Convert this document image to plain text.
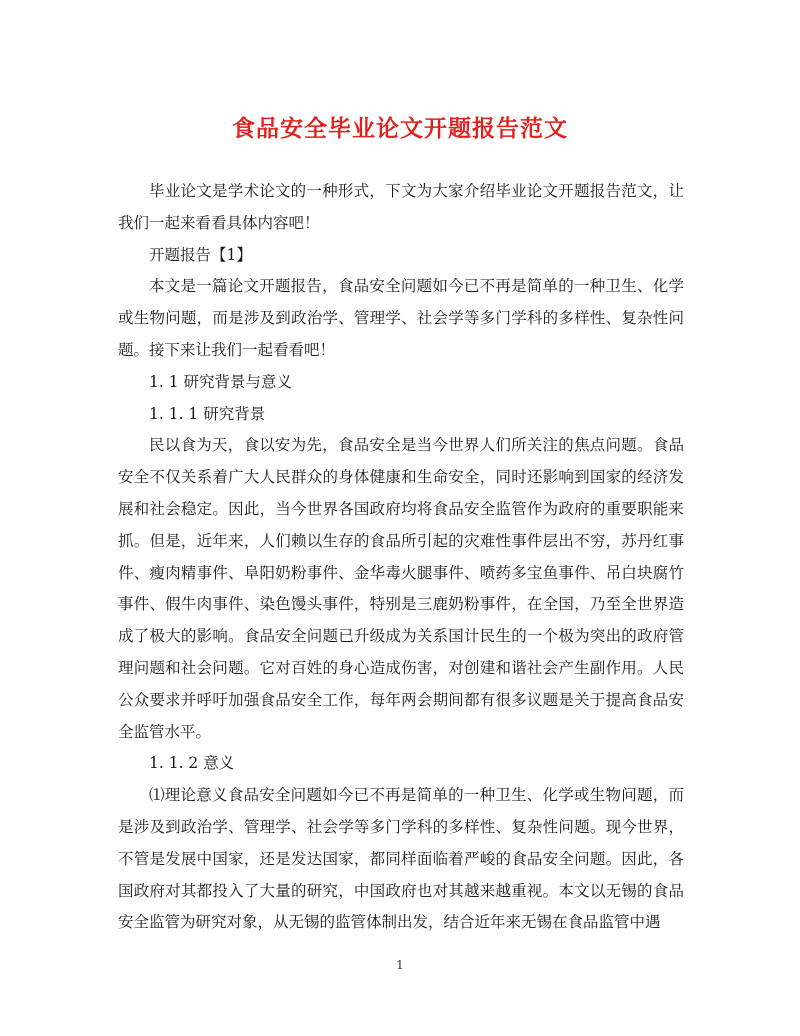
食品安全毕业论文开题报告范文

毕业论文是学术论文的一种形式，下文为大家介绍毕业论文开题报告范文，让我们一起来看看具体内容吧！

开题报告【1】

本文是一篇论文开题报告，食品安全问题如今已不再是简单的一种卫生、化学或生物问题，而是涉及到政治学、管理学、社会学等多门学科的多样性、复杂性问题。接下来让我们一起看看吧！

1. 1 研究背景与意义

1. 1. 1 研究背景

民以食为天，食以安为先，食品安全是当今世界人们所关注的焦点问题。食品安全不仅关系着广大人民群众的身体健康和生命安全，同时还影响到国家的经济发展和社会稳定。因此，当今世界各国政府均将食品安全监管作为政府的重要职能来抓。但是，近年来，人们赖以生存的食品所引起的灾难性事件层出不穷，苏丹红事件、瘦肉精事件、阜阳奶粉事件、金华毒火腿事件、喷药多宝鱼事件、吊白块腐竹事件、假牛肉事件、染色馒头事件，特别是三鹿奶粉事件，在全国，乃至全世界造成了极大的影响。食品安全问题已升级成为关系国计民生的一个极为突出的政府管理问题和社会问题。它对百姓的身心造成伤害，对创建和谐社会产生副作用。人民公众要求并呼吁加强食品安全工作，每年两会期间都有很多议题是关于提高食品安全监管水平。

1. 1. 2 意义

⑴理论意义食品安全问题如今已不再是简单的一种卫生、化学或生物问题，而是涉及到政治学、管理学、社会学等多门学科的多样性、复杂性问题。现今世界，不管是发展中国家，还是发达国家，都同样面临着严峻的食品安全问题。因此，各国政府对其都投入了大量的研究，中国政府也对其越来越重视。本文以无锡的食品安全监管为研究对象，从无锡的监管体制出发，结合近年来无锡在食品监管中遇

1
